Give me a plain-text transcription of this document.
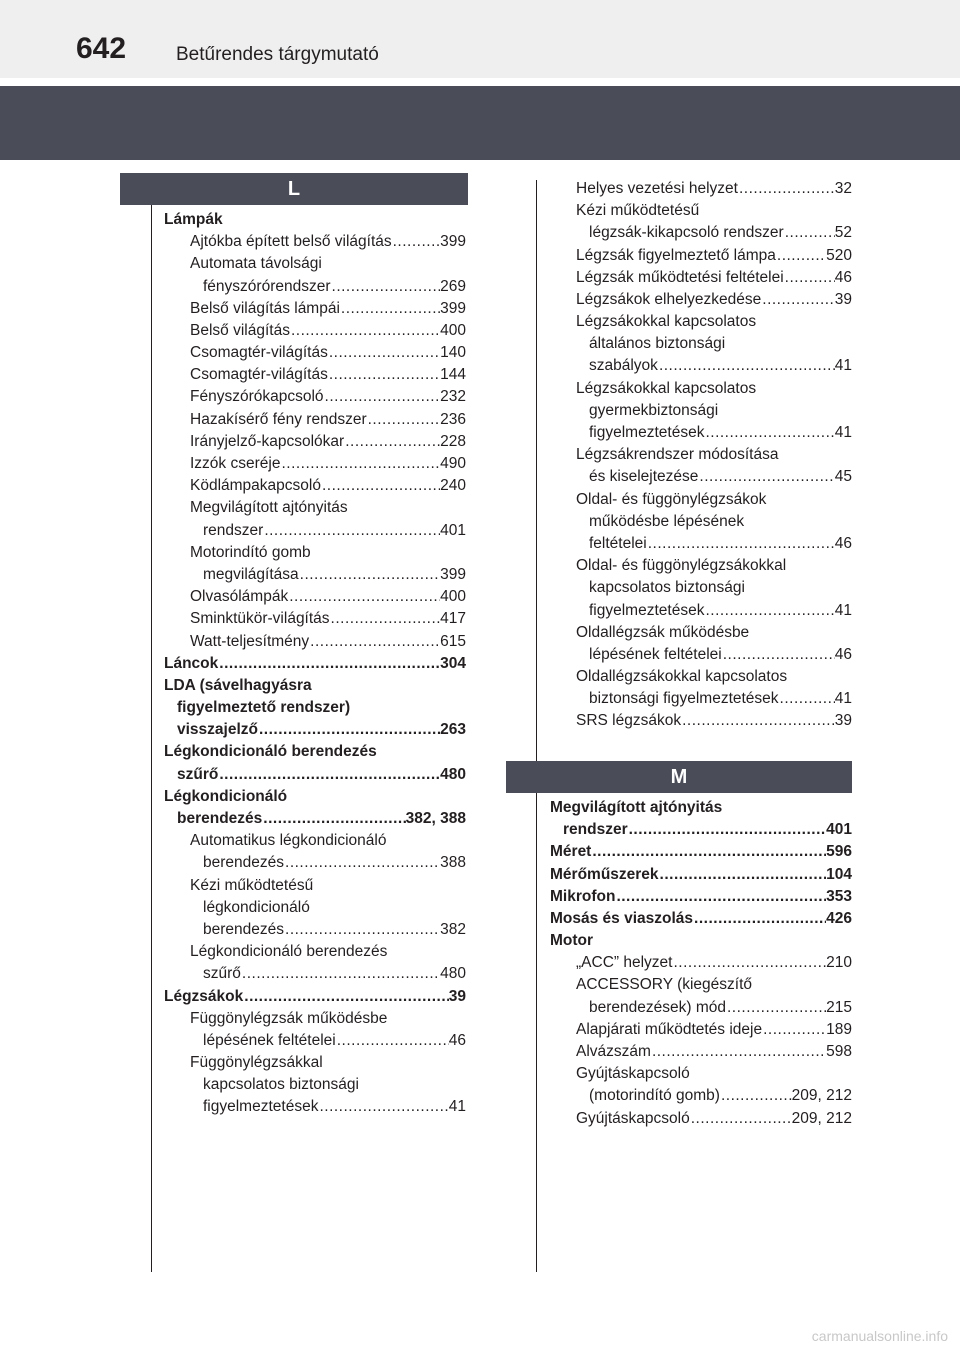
642	Betűrendes tárgymutató
L
Lámpák
Ajtókba épített belső világítás .....	399
Automata távolsági
fényszórórendszer .....	269
Belső világítás lámpái .....	399
Belső világítás .....	400
Csomagtér-világítás .....	140
Csomagtér-világítás .....	144
Fényszórókapcsoló .....	232
Hazakísérő fény rendszer .....	236
Irányjelző-kapcsolókar .....	228
Izzók cseréje .....	490
Ködlámpakapcsoló .....	240
Megvilágított ajtónyitás
rendszer .....	401
Motorindító gomb
megvilágítása .....	399
Olvasólámpák .....	400
Sminktükör-világítás .....	417
Watt-teljesítmény .....	615
Láncok .....	304
LDA (sávelhagyásra
figyelmeztető rendszer)
visszajelző .....	263
Légkondicionáló berendezés
szűrő .....	480
Légkondicionáló
berendezés .....	382, 388
Automatikus légkondicionáló
berendezés .....	388
Kézi működtetésű
légkondicionáló
berendezés .....	382
Légkondicionáló berendezés
szűrő .....	480
Légzsákok .....	39
Függönylégzsák működésbe
lépésének feltételei .....	46
Függönylégzsákkal
kapcsolatos biztonsági
figyelmeztetések .....	41
Helyes vezetési helyzet .....	32
Kézi működtetésű
légzsák-kikapcsoló rendszer .....	52
Légzsák figyelmeztető lámpa .....	520
Légzsák működtetési feltételei .....	46
Légzsákok elhelyezkedése .....	39
Légzsákokkal kapcsolatos
általános biztonsági
szabályok .....	41
Légzsákokkal kapcsolatos
gyermekbiztonsági
figyelmeztetések .....	41
Légzsákrendszer módosítása
és kiselejtezése .....	45
Oldal- és függönylégzsákok
működésbe lépésének
feltételei .....	46
Oldal- és függönylégzsákokkal
kapcsolatos biztonsági
figyelmeztetések .....	41
Oldallégzsák működésbe
lépésének feltételei .....	46
Oldallégzsákokkal kapcsolatos
biztonsági figyelmeztetések .....	41
SRS légzsákok .....	39
M
Megvilágított ajtónyitás
rendszer .....	401
Méret .....	596
Mérőműszerek .....	104
Mikrofon .....	353
Mosás és viaszolás .....	426
Motor
„ACC” helyzet .....	210
ACCESSORY (kiegészítő
berendezések) mód .....	215
Alapjárati működtetés ideje .....	189
Alvázszám .....	598
Gyújtáskapcsoló
(motorindító gomb) .....	209, 212
Gyújtáskapcsoló .....	209, 212
carmanualsonline.info
